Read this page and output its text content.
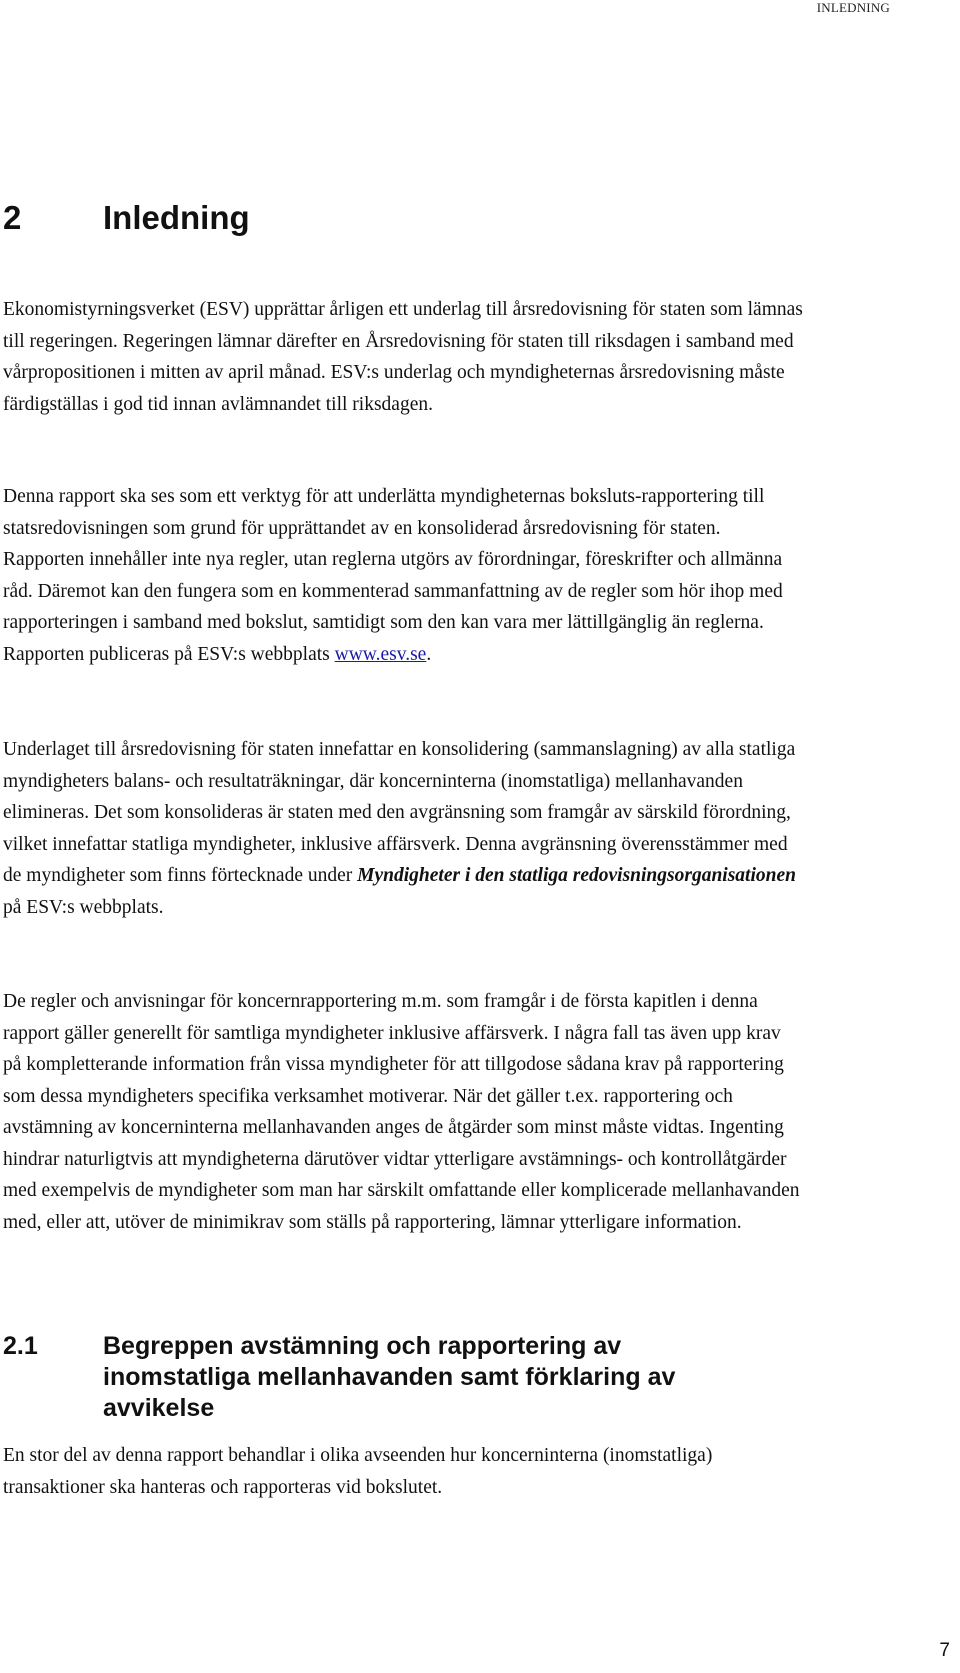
INLEDNING
2	Inledning

Ekonomistyrningsverket (ESV) upprättar årligen ett underlag till årsredovisning för staten som lämnas till regeringen. Regeringen lämnar därefter en Årsredovisning för staten till riksdagen i samband med vårpropositionen i mitten av april månad. ESV:s underlag och myndigheternas årsredovisning måste färdigställas i god tid innan avlämnandet till riksdagen.

Denna rapport ska ses som ett verktyg för att underlätta myndigheternas boksluts-rapportering till statsredovisningen som grund för upprättandet av en konsoliderad årsredovisning för staten. Rapporten innehåller inte nya regler, utan reglerna utgörs av förordningar, föreskrifter och allmänna råd. Däremot kan den fungera som en kommenterad sammanfattning av de regler som hör ihop med rapporteringen i samband med bokslut, samtidigt som den kan vara mer lättillgänglig än reglerna. Rapporten publiceras på ESV:s webbplats www.esv.se.

Underlaget till årsredovisning för staten innefattar en konsolidering (sammanslagning) av alla statliga myndigheters balans- och resultaträkningar, där koncerninterna (inomstatliga) mellanhavanden elimineras. Det som konsolideras är staten med den avgränsning som framgår av särskild förordning, vilket innefattar statliga myndigheter, inklusive affärsverk. Denna avgränsning överensstämmer med de myndigheter som finns förtecknade under Myndigheter i den statliga redovisningsorganisationen på ESV:s webbplats.

De regler och anvisningar för koncernrapportering m.m. som framgår i de första kapitlen i denna rapport gäller generellt för samtliga myndigheter inklusive affärsverk. I några fall tas även upp krav på kompletterande information från vissa myndigheter för att tillgodose sådana krav på rapportering som dessa myndigheters specifika verksamhet motiverar. När det gäller t.ex. rapportering och avstämning av koncerninterna mellanhavanden anges de åtgärder som minst måste vidtas. Ingenting hindrar naturligtvis att myndigheterna därutöver vidtar ytterligare avstämnings- och kontrollåtgärder med exempelvis de myndigheter som man har särskilt omfattande eller komplicerade mellanhavanden med, eller att, utöver de minimikrav som ställs på rapportering, lämnar ytterligare information.

2.1	Begreppen avstämning och rapportering av inomstatliga mellanhavanden samt förklaring av avvikelse

En stor del av denna rapport behandlar i olika avseenden hur koncerninterna (inomstatliga) transaktioner ska hanteras och rapporteras vid bokslutet.

7
